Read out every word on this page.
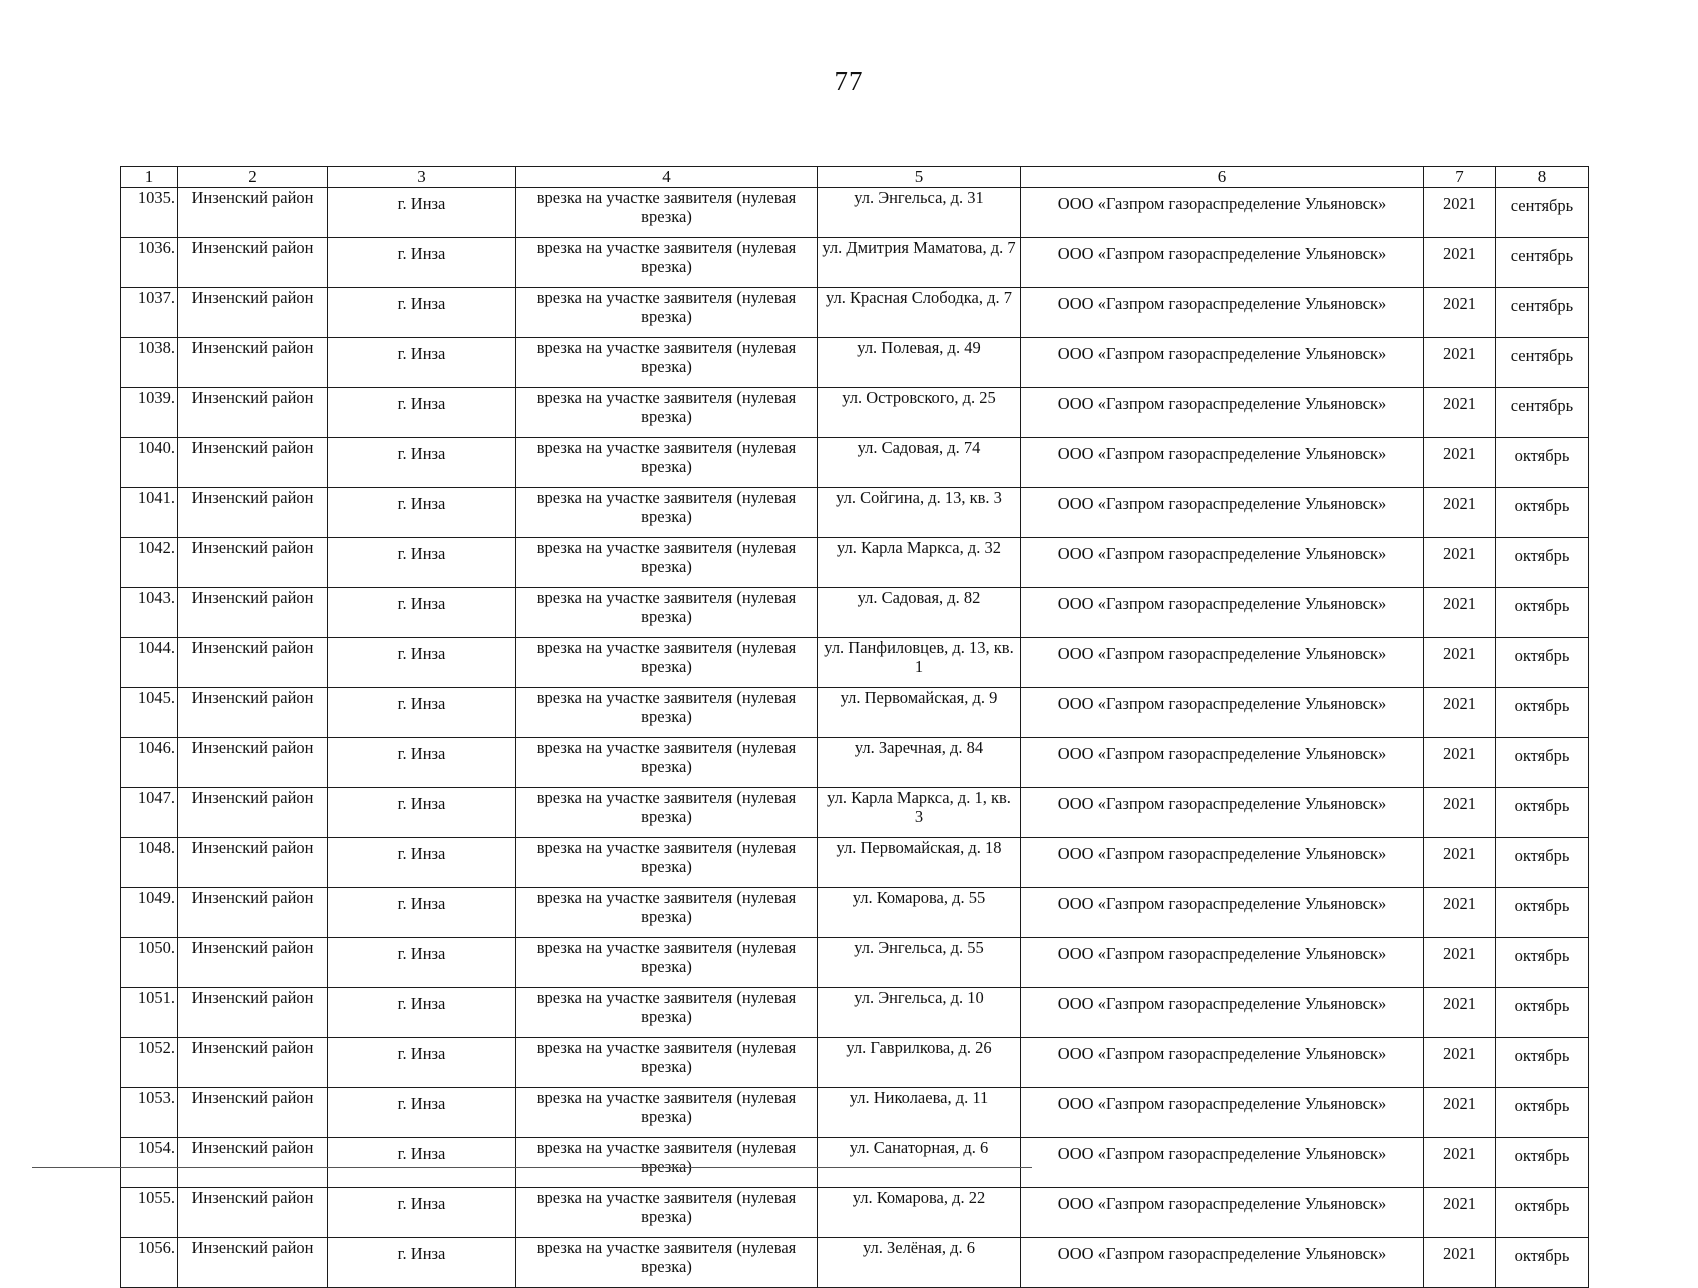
77
1	2	3	4	5	6	7	8
1035.	Инзенский район	г. Инза	врезка на участке заявителя (нулевая врезка)	ул. Энгельса, д. 31	ООО «Газпром газораспределение Ульяновск»	2021	сентябрь
1036.	Инзенский район	г. Инза	врезка на участке заявителя (нулевая врезка)	ул. Дмитрия Маматова, д. 7	ООО «Газпром газораспределение Ульяновск»	2021	сентябрь
1037.	Инзенский район	г. Инза	врезка на участке заявителя (нулевая врезка)	ул. Красная Слободка, д. 7	ООО «Газпром газораспределение Ульяновск»	2021	сентябрь
1038.	Инзенский район	г. Инза	врезка на участке заявителя (нулевая врезка)	ул. Полевая, д. 49	ООО «Газпром газораспределение Ульяновск»	2021	сентябрь
1039.	Инзенский район	г. Инза	врезка на участке заявителя (нулевая врезка)	ул. Островского, д. 25	ООО «Газпром газораспределение Ульяновск»	2021	сентябрь
1040.	Инзенский район	г. Инза	врезка на участке заявителя (нулевая врезка)	ул. Садовая, д. 74	ООО «Газпром газораспределение Ульяновск»	2021	октябрь
1041.	Инзенский район	г. Инза	врезка на участке заявителя (нулевая врезка)	ул. Сойгина, д. 13, кв. 3	ООО «Газпром газораспределение Ульяновск»	2021	октябрь
1042.	Инзенский район	г. Инза	врезка на участке заявителя (нулевая врезка)	ул. Карла Маркса, д. 32	ООО «Газпром газораспределение Ульяновск»	2021	октябрь
1043.	Инзенский район	г. Инза	врезка на участке заявителя (нулевая врезка)	ул. Садовая, д. 82	ООО «Газпром газораспределение Ульяновск»	2021	октябрь
1044.	Инзенский район	г. Инза	врезка на участке заявителя (нулевая врезка)	ул. Панфиловцев, д. 13, кв. 1	ООО «Газпром газораспределение Ульяновск»	2021	октябрь
1045.	Инзенский район	г. Инза	врезка на участке заявителя (нулевая врезка)	ул. Первомайская, д. 9	ООО «Газпром газораспределение Ульяновск»	2021	октябрь
1046.	Инзенский район	г. Инза	врезка на участке заявителя (нулевая врезка)	ул. Заречная, д. 84	ООО «Газпром газораспределение Ульяновск»	2021	октябрь
1047.	Инзенский район	г. Инза	врезка на участке заявителя (нулевая врезка)	ул. Карла Маркса, д. 1, кв. 3	ООО «Газпром газораспределение Ульяновск»	2021	октябрь
1048.	Инзенский район	г. Инза	врезка на участке заявителя (нулевая врезка)	ул. Первомайская, д. 18	ООО «Газпром газораспределение Ульяновск»	2021	октябрь
1049.	Инзенский район	г. Инза	врезка на участке заявителя (нулевая врезка)	ул. Комарова, д. 55	ООО «Газпром газораспределение Ульяновск»	2021	октябрь
1050.	Инзенский район	г. Инза	врезка на участке заявителя (нулевая врезка)	ул. Энгельса, д. 55	ООО «Газпром газораспределение Ульяновск»	2021	октябрь
1051.	Инзенский район	г. Инза	врезка на участке заявителя (нулевая врезка)	ул. Энгельса, д. 10	ООО «Газпром газораспределение Ульяновск»	2021	октябрь
1052.	Инзенский район	г. Инза	врезка на участке заявителя (нулевая врезка)	ул. Гаврилкова, д. 26	ООО «Газпром газораспределение Ульяновск»	2021	октябрь
1053.	Инзенский район	г. Инза	врезка на участке заявителя (нулевая врезка)	ул. Николаева, д. 11	ООО «Газпром газораспределение Ульяновск»	2021	октябрь
1054.	Инзенский район	г. Инза	врезка на участке заявителя (нулевая врезка)	ул. Санаторная, д. 6	ООО «Газпром газораспределение Ульяновск»	2021	октябрь
1055.	Инзенский район	г. Инза	врезка на участке заявителя (нулевая врезка)	ул. Комарова, д. 22	ООО «Газпром газораспределение Ульяновск»	2021	октябрь
1056.	Инзенский район	г. Инза	врезка на участке заявителя (нулевая врезка)	ул. Зелёная, д. 6	ООО «Газпром газораспределение Ульяновск»	2021	октябрь
